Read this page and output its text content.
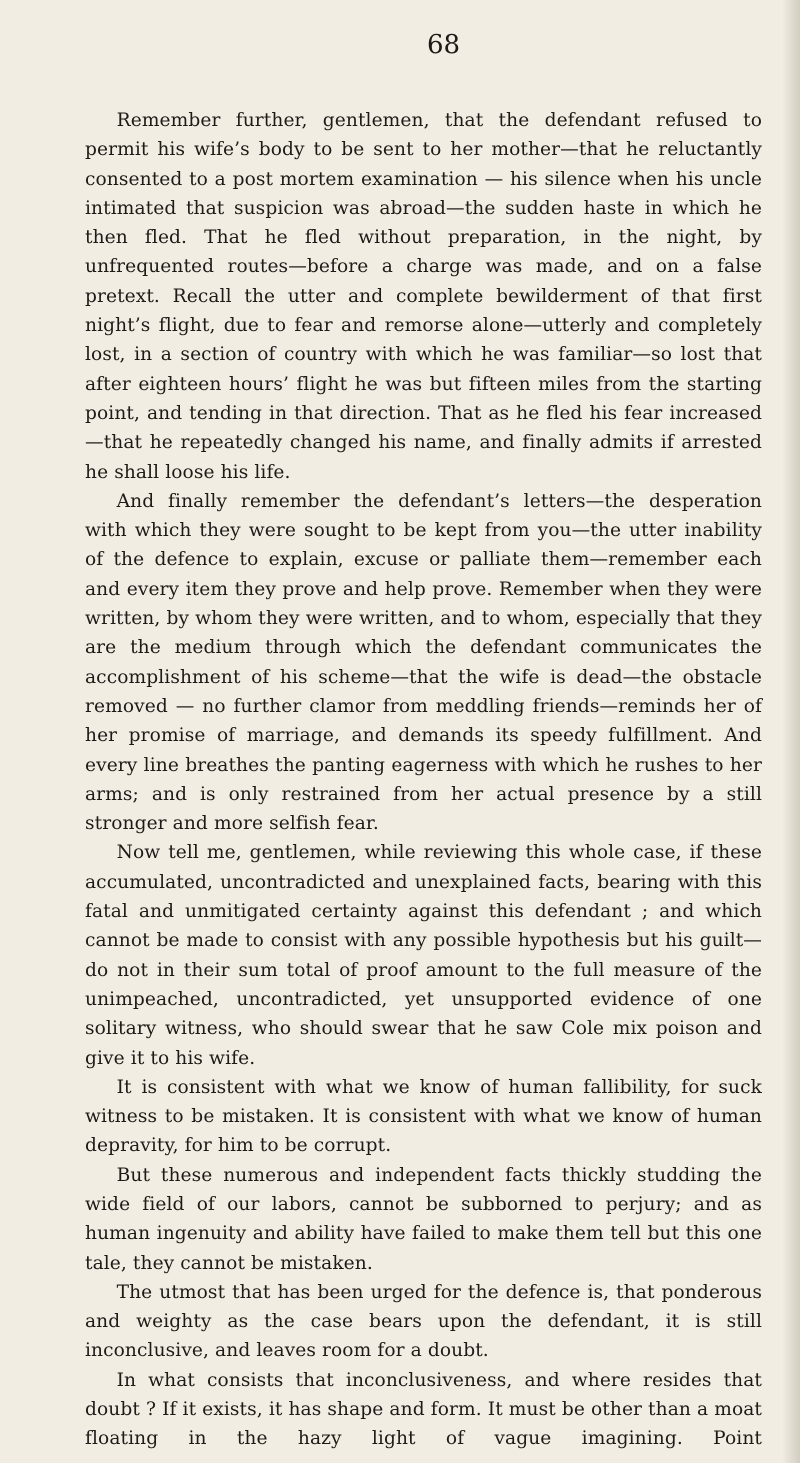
68

Remember further, gentlemen, that the defendant refused to permit his wife’s body to be sent to her mother—that he reluctantly consented to a post mortem examination — his silence when his uncle intimated that suspicion was abroad—the sudden haste in which he then fled. That he fled without preparation, in the night, by unfrequented routes—before a charge was made, and on a false pretext. Recall the utter and complete bewilderment of that first night’s flight, due to fear and remorse alone—utterly and completely lost, in a section of country with which he was familiar—so lost that after eighteen hours’ flight he was but fifteen miles from the starting point, and tending in that direction. That as he fled his fear increased—that he repeatedly changed his name, and finally admits if arrested he shall loose his life.

And finally remember the defendant’s letters—the desperation with which they were sought to be kept from you—the utter inability of the defence to explain, excuse or palliate them—remember each and every item they prove and help prove. Remember when they were written, by whom they were written, and to whom, especially that they are the medium through which the defendant communicates the accomplishment of his scheme—that the wife is dead—the obstacle removed — no further clamor from meddling friends—reminds her of her promise of marriage, and demands its speedy fulfillment. And every line breathes the panting eagerness with which he rushes to her arms; and is only restrained from her actual presence by a still stronger and more selfish fear.

Now tell me, gentlemen, while reviewing this whole case, if these accumulated, uncontradicted and unexplained facts, bearing with this fatal and unmitigated certainty against this defendant ; and which cannot be made to consist with any possible hypothesis but his guilt—do not in their sum total of proof amount to the full measure of the unimpeached, uncontradicted, yet unsupported evidence of one solitary witness, who should swear that he saw Cole mix poison and give it to his wife.

It is consistent with what we know of human fallibility, for suck witness to be mistaken. It is consistent with what we know of human depravity, for him to be corrupt.

But these numerous and independent facts thickly studding the wide field of our labors, cannot be subborned to perjury; and as human ingenuity and ability have failed to make them tell but this one tale, they cannot be mistaken.

The utmost that has been urged for the defence is, that ponderous and weighty as the case bears upon the defendant, it is still inconclusive, and leaves room for a doubt.

In what consists that inconclusiveness, and where resides that doubt ? If it exists, it has shape and form. It must be other than a moat floating in the hazy light of vague imagining. Point
